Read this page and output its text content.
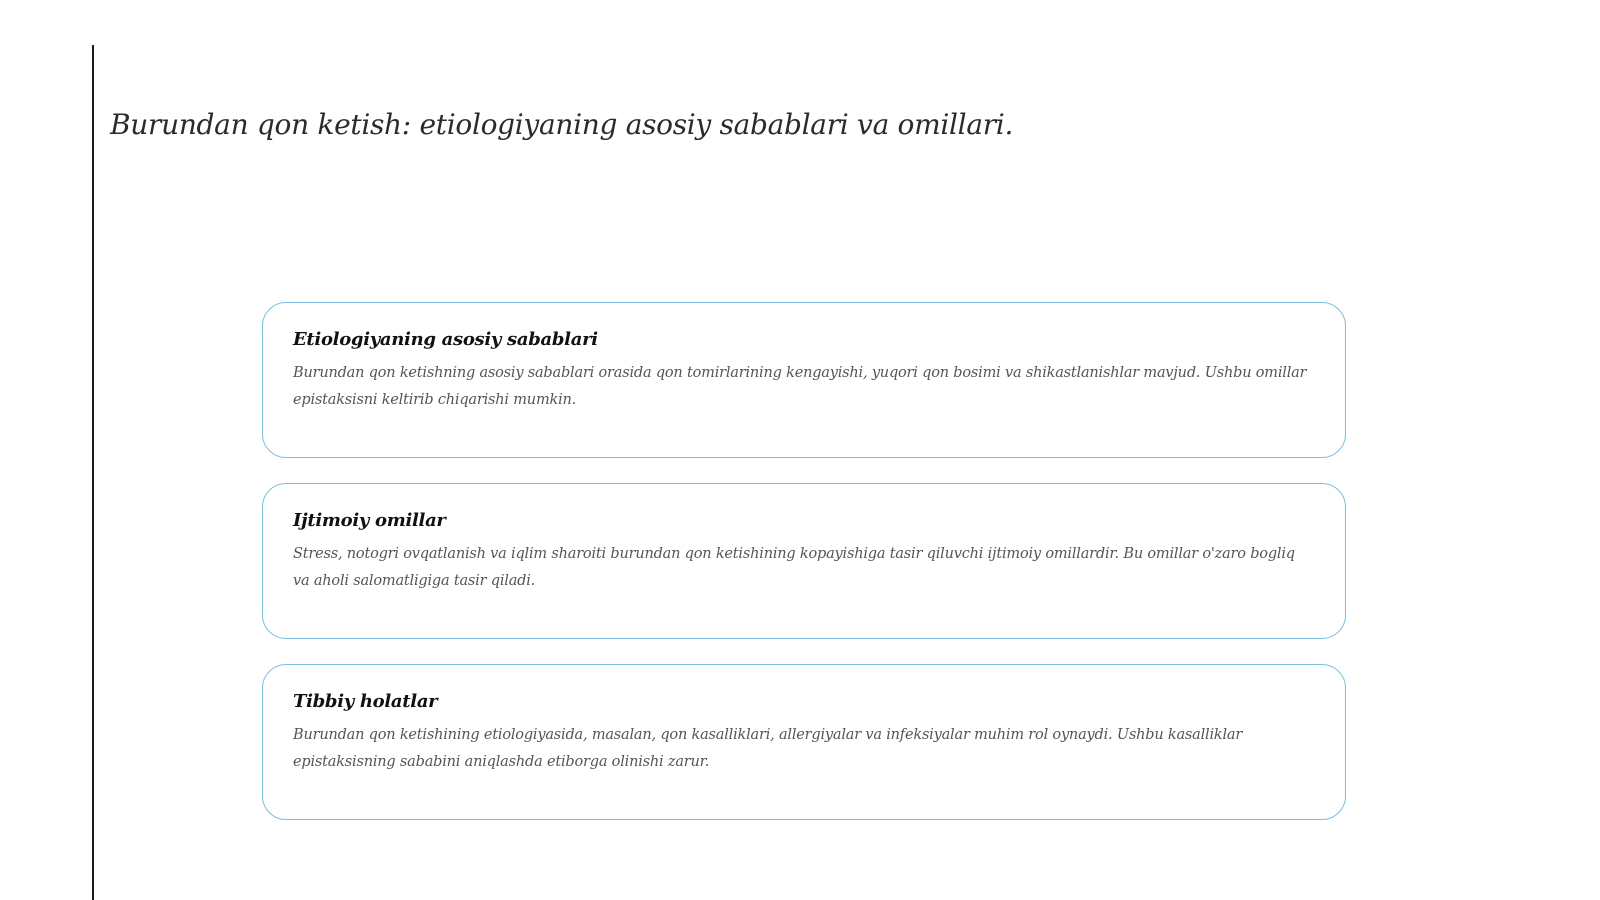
Burundan qon ketish: etiologiyaning asosiy sabablari va omillari.
Etiologiyaning asosiy sabablari

Burundan qon ketishning asosiy sabablari orasida qon tomirlarining kengayishi, yuqori qon bosimi va shikastlanishlar mavjud. Ushbu omillar epistaksisni keltirib chiqarishi mumkin.

Ijtimoiy omillar

Stress, notogri ovqatlanish va iqlim sharoiti burundan qon ketishining kopayishiga tasir qiluvchi ijtimoiy omillardir. Bu omillar o'zaro bogliq va aholi salomatligiga tasir qiladi.

Tibbiy holatlar

Burundan qon ketishining etiologiyasida, masalan, qon kasalliklari, allergiyalar va infeksiyalar muhim rol oynaydi. Ushbu kasalliklar epistaksisning sababini aniqlashda etiborga olinishi zarur.
